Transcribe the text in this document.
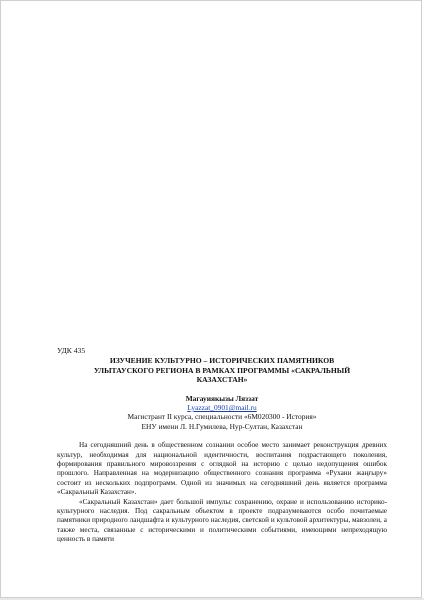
УДК 435

ИЗУЧЕНИЕ КУЛЬТУРНО – ИСТОРИЧЕСКИХ ПАМЯТНИКОВ
УЛЫТАУСКОГО РЕГИОНА В РАМКАХ ПРОГРАММЫ «САКРАЛЬНЫЙ
КАЗАХСТАН»
Магауиякызы Ляззат
Lyazzat_0901@mail.ru
Магистрант II курса, специальности «6М020300 - История»
ЕНУ имени Л. Н.Гумилева, Нур-Султан, Казахстан

На сегодняшний день в общественном сознании особое место занимает реконструкция древних культур, необходимая для национальной идентичности, воспитания подрастающего поколения, формирования правильного мировоззрения с оглядкой на историю с целью недопущения ошибок прошлого. Направленная на модернизацию общественного сознания программа «Рухани жаңғыру» состоит из нескольких подпрограмм. Одной из значимых на сегодняшний день является программа «Сакральный Казахстан».

«Сакральный Казахстан» дает большой импульс сохранению, охране и использованию историко-культурного наследия. Под сакральным объектом в проекте подразумеваются особо почитаемые памятники природного ландшафта и культурного наследия, светской и культовой архитектуры, мавзолеи, а также места, связанные с историческими и политическими событиями, имеющими непреходящую ценность в памяти
